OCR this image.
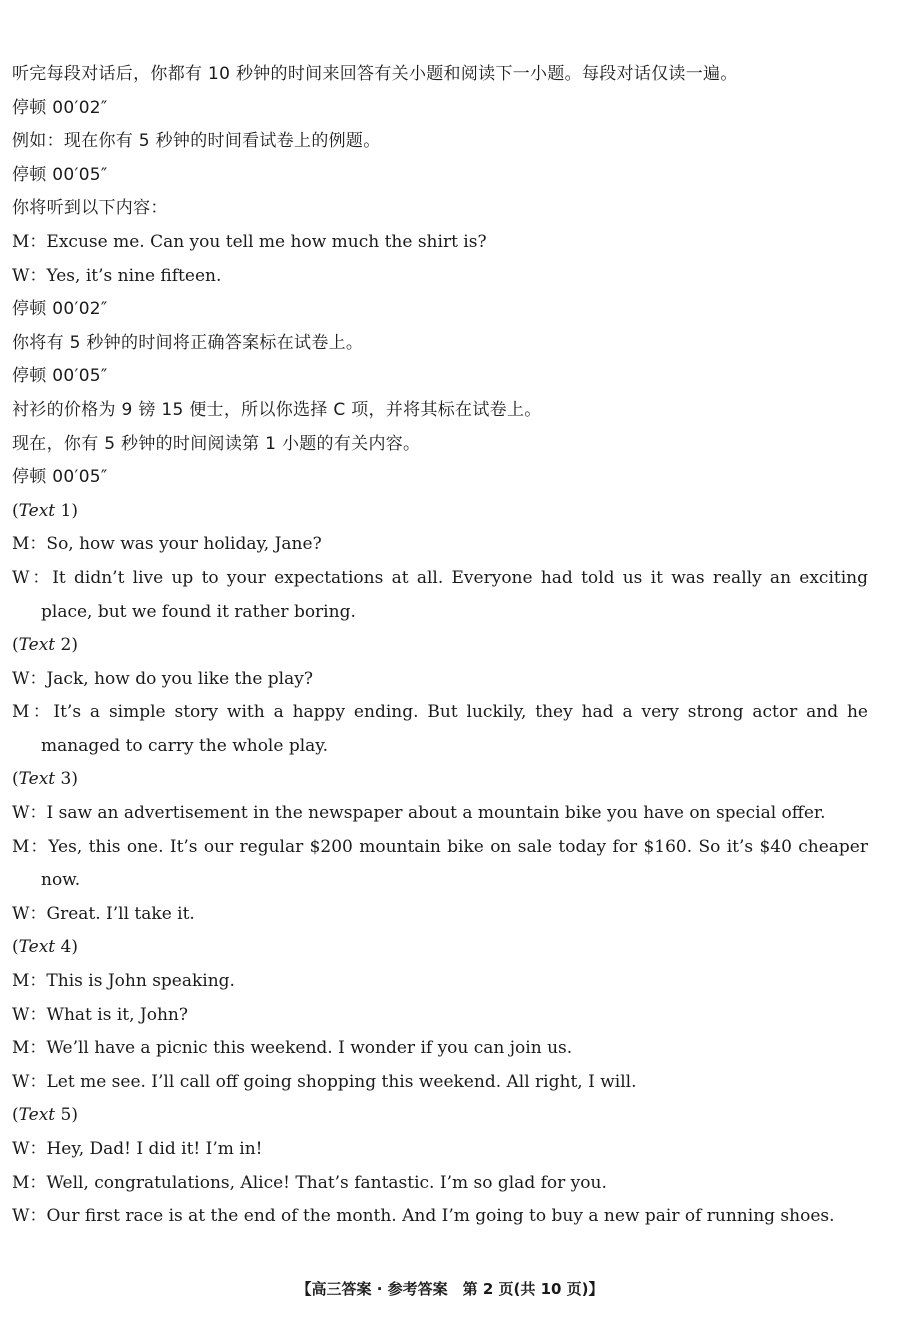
听完每段对话后，你都有 10 秒钟的时间来回答有关小题和阅读下一小题。每段对话仅读一遍。
停顿 00′02″
例如：现在你有 5 秒钟的时间看试卷上的例题。
停顿 00′05″
你将听到以下内容：
M：Excuse me. Can you tell me how much the shirt is?
W：Yes, it’s nine fifteen.
停顿 00′02″
你将有 5 秒钟的时间将正确答案标在试卷上。
停顿 00′05″
衬衫的价格为 9 镑 15 便士，所以你选择 C 项，并将其标在试卷上。
现在，你有 5 秒钟的时间阅读第 1 小题的有关内容。
停顿 00′05″
(Text 1)
M：So, how was your holiday, Jane?
W：It didn’t live up to your expectations at all. Everyone had told us it was really an exciting place, but we found it rather boring.
(Text 2)
W：Jack, how do you like the play?
M：It’s a simple story with a happy ending. But luckily, they had a very strong actor and he managed to carry the whole play.
(Text 3)
W：I saw an advertisement in the newspaper about a mountain bike you have on special offer.
M：Yes, this one. It’s our regular $200 mountain bike on sale today for $160. So it’s $40 cheaper now.
W：Great. I’ll take it.
(Text 4)
M：This is John speaking.
W：What is it, John?
M：We’ll have a picnic this weekend. I wonder if you can join us.
W：Let me see. I’ll call off going shopping this weekend. All right, I will.
(Text 5)
W：Hey, Dad! I did it! I’m in!
M：Well, congratulations, Alice! That’s fantastic. I’m so glad for you.
W：Our first race is at the end of the month. And I’m going to buy a new pair of running shoes.
【高三答案 · 参考答案　第 2 页(共 10 页)】
